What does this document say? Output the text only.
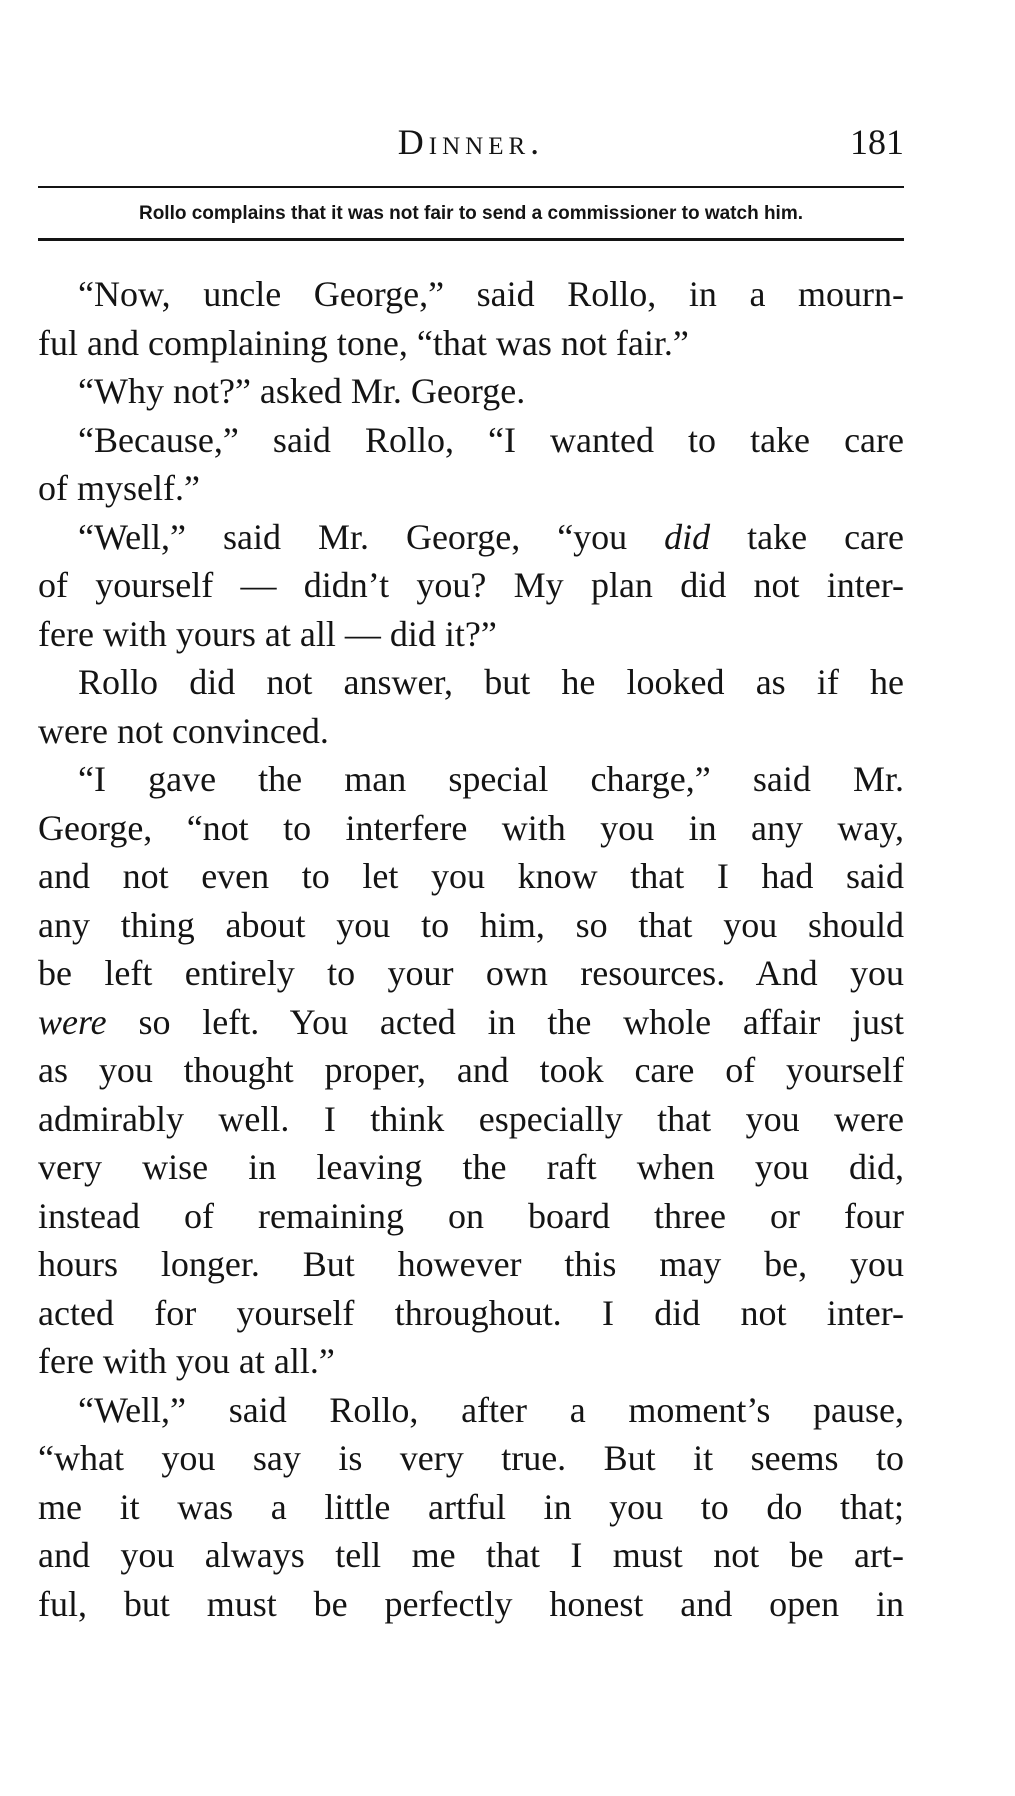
Dinner.	181
Rollo complains that it was not fair to send a commissioner to watch him.
“Now, uncle George,” said Rollo, in a mourn-
ful and complaining tone, “that was not fair.”
“Why not?” asked Mr. George.
“Because,” said Rollo, “I wanted to take care
of myself.”
“Well,” said Mr. George, “you did take care
of yourself — didn’t you? My plan did not inter-
fere with yours at all — did it?”
Rollo did not answer, but he looked as if he
were not convinced.
“I gave the man special charge,” said Mr.
George, “not to interfere with you in any way,
and not even to let you know that I had said
any thing about you to him, so that you should
be left entirely to your own resources. And you
were so left. You acted in the whole affair just
as you thought proper, and took care of yourself
admirably well. I think especially that you were
very wise in leaving the raft when you did,
instead of remaining on board three or four
hours longer. But however this may be, you
acted for yourself throughout. I did not inter-
fere with you at all.”
“Well,” said Rollo, after a moment’s pause,
“what you say is very true. But it seems to
me it was a little artful in you to do that;
and you always tell me that I must not be art-
ful, but must be perfectly honest and open in
